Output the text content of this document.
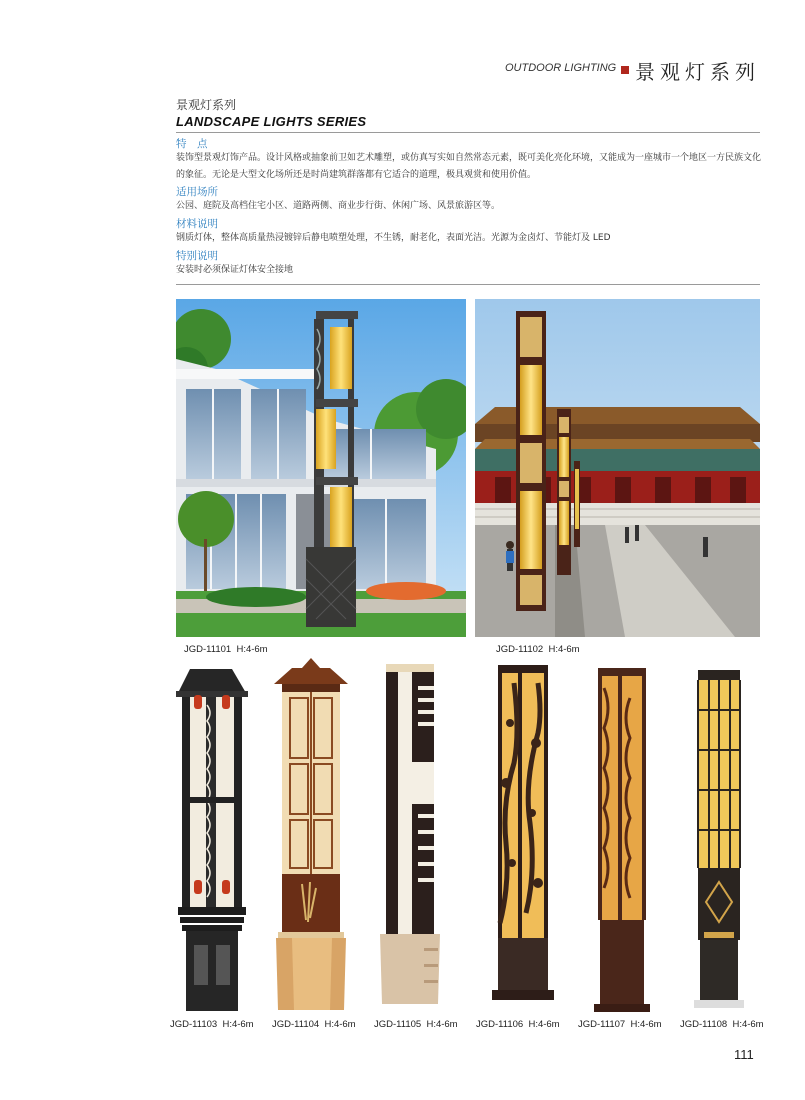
OUTDOOR LIGHTING 景观灯系列
景观灯系列
LANDSCAPE LIGHTS SERIES
特　点
装饰型景观灯饰产品。设计风格或抽象前卫如艺术雕塑，或仿真写实如自然常态元素，既可美化亮化环境，又能成为一座城市一个地区一方民族文化的象征。无论是大型文化场所还是时尚建筑群落都有它适合的道理，极具观赏和使用价值。
适用场所
公园、庭院及高档住宅小区、道路两侧、商业步行街、休闲广场、风景旅游区等。
材料说明
钢质灯体，整体高质量热浸镀锌后静电喷塑处理，不生锈，耐老化，表面光洁。光源为金卤灯、节能灯及 LED
特别说明
安装时必须保证灯体安全接地
JGD-11101 H:4-6m	JGD-11102 H:4-6m
JGD-11103 H:4-6m JGD-11104 H:4-6m JGD-11105 H:4-6m JGD-11106 H:4-6m JGD-11107 H:4-6m JGD-11108 H:4-6m
111
